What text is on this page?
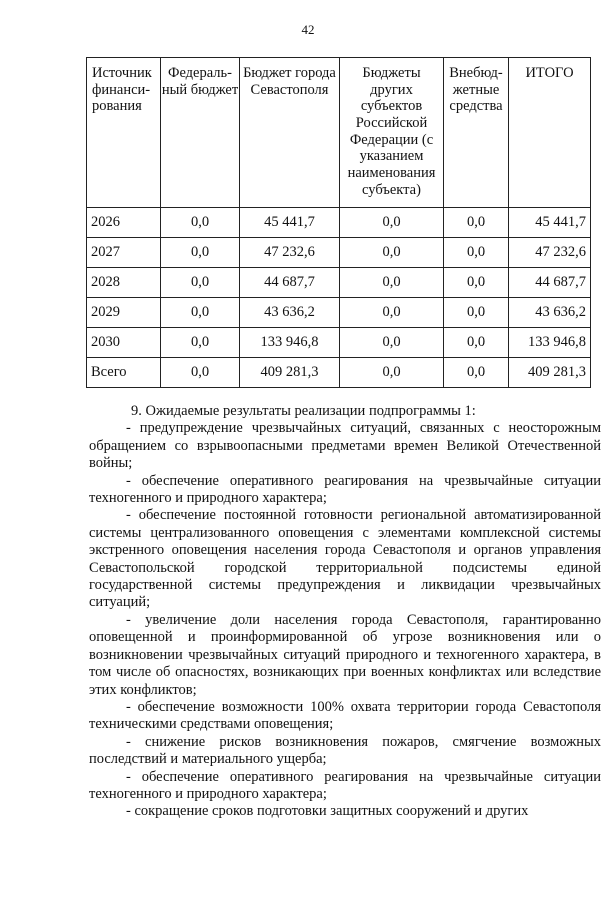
42
Источник финанси-рования	Федераль-ный бюджет	Бюджет города Севастополя	Бюджеты других субъектов Российской Федерации (с указанием наименования субъекта)	Внебюд-жетные средства	ИТОГО
2026	0,0	45 441,7	0,0	0,0	45 441,7
2027	0,0	47 232,6	0,0	0,0	47 232,6
2028	0,0	44 687,7	0,0	0,0	44 687,7
2029	0,0	43 636,2	0,0	0,0	43 636,2
2030	0,0	133 946,8	0,0	0,0	133 946,8
Всего	0,0	409 281,3	0,0	0,0	409 281,3

9. Ожидаемые результаты реализации подпрограммы 1:

- предупреждение чрезвычайных ситуаций, связанных с неосторожным обращением со взрывоопасными предметами времен Великой Отечественной войны;

- обеспечение оперативного реагирования на чрезвычайные ситуации техногенного и природного характера;

- обеспечение постоянной готовности региональной автоматизированной системы централизованного оповещения с элементами комплексной системы экстренного оповещения населения города Севастополя и органов управления Севастопольской городской территориальной подсистемы единой государственной системы предупреждения и ликвидации чрезвычайных ситуаций;

- увеличение доли населения города Севастополя, гарантированно оповещенной и проинформированной об угрозе возникновения или о возникновении чрезвычайных ситуаций природного и техногенного характера, в том числе об опасностях, возникающих при военных конфликтах или вследствие этих конфликтов;

- обеспечение возможности 100% охвата территории города Севастополя техническими средствами оповещения;

- снижение рисков возникновения пожаров, смягчение возможных последствий и материального ущерба;

- обеспечение оперативного реагирования на чрезвычайные ситуации техногенного и природного характера;

- сокращение сроков подготовки защитных сооружений и других
